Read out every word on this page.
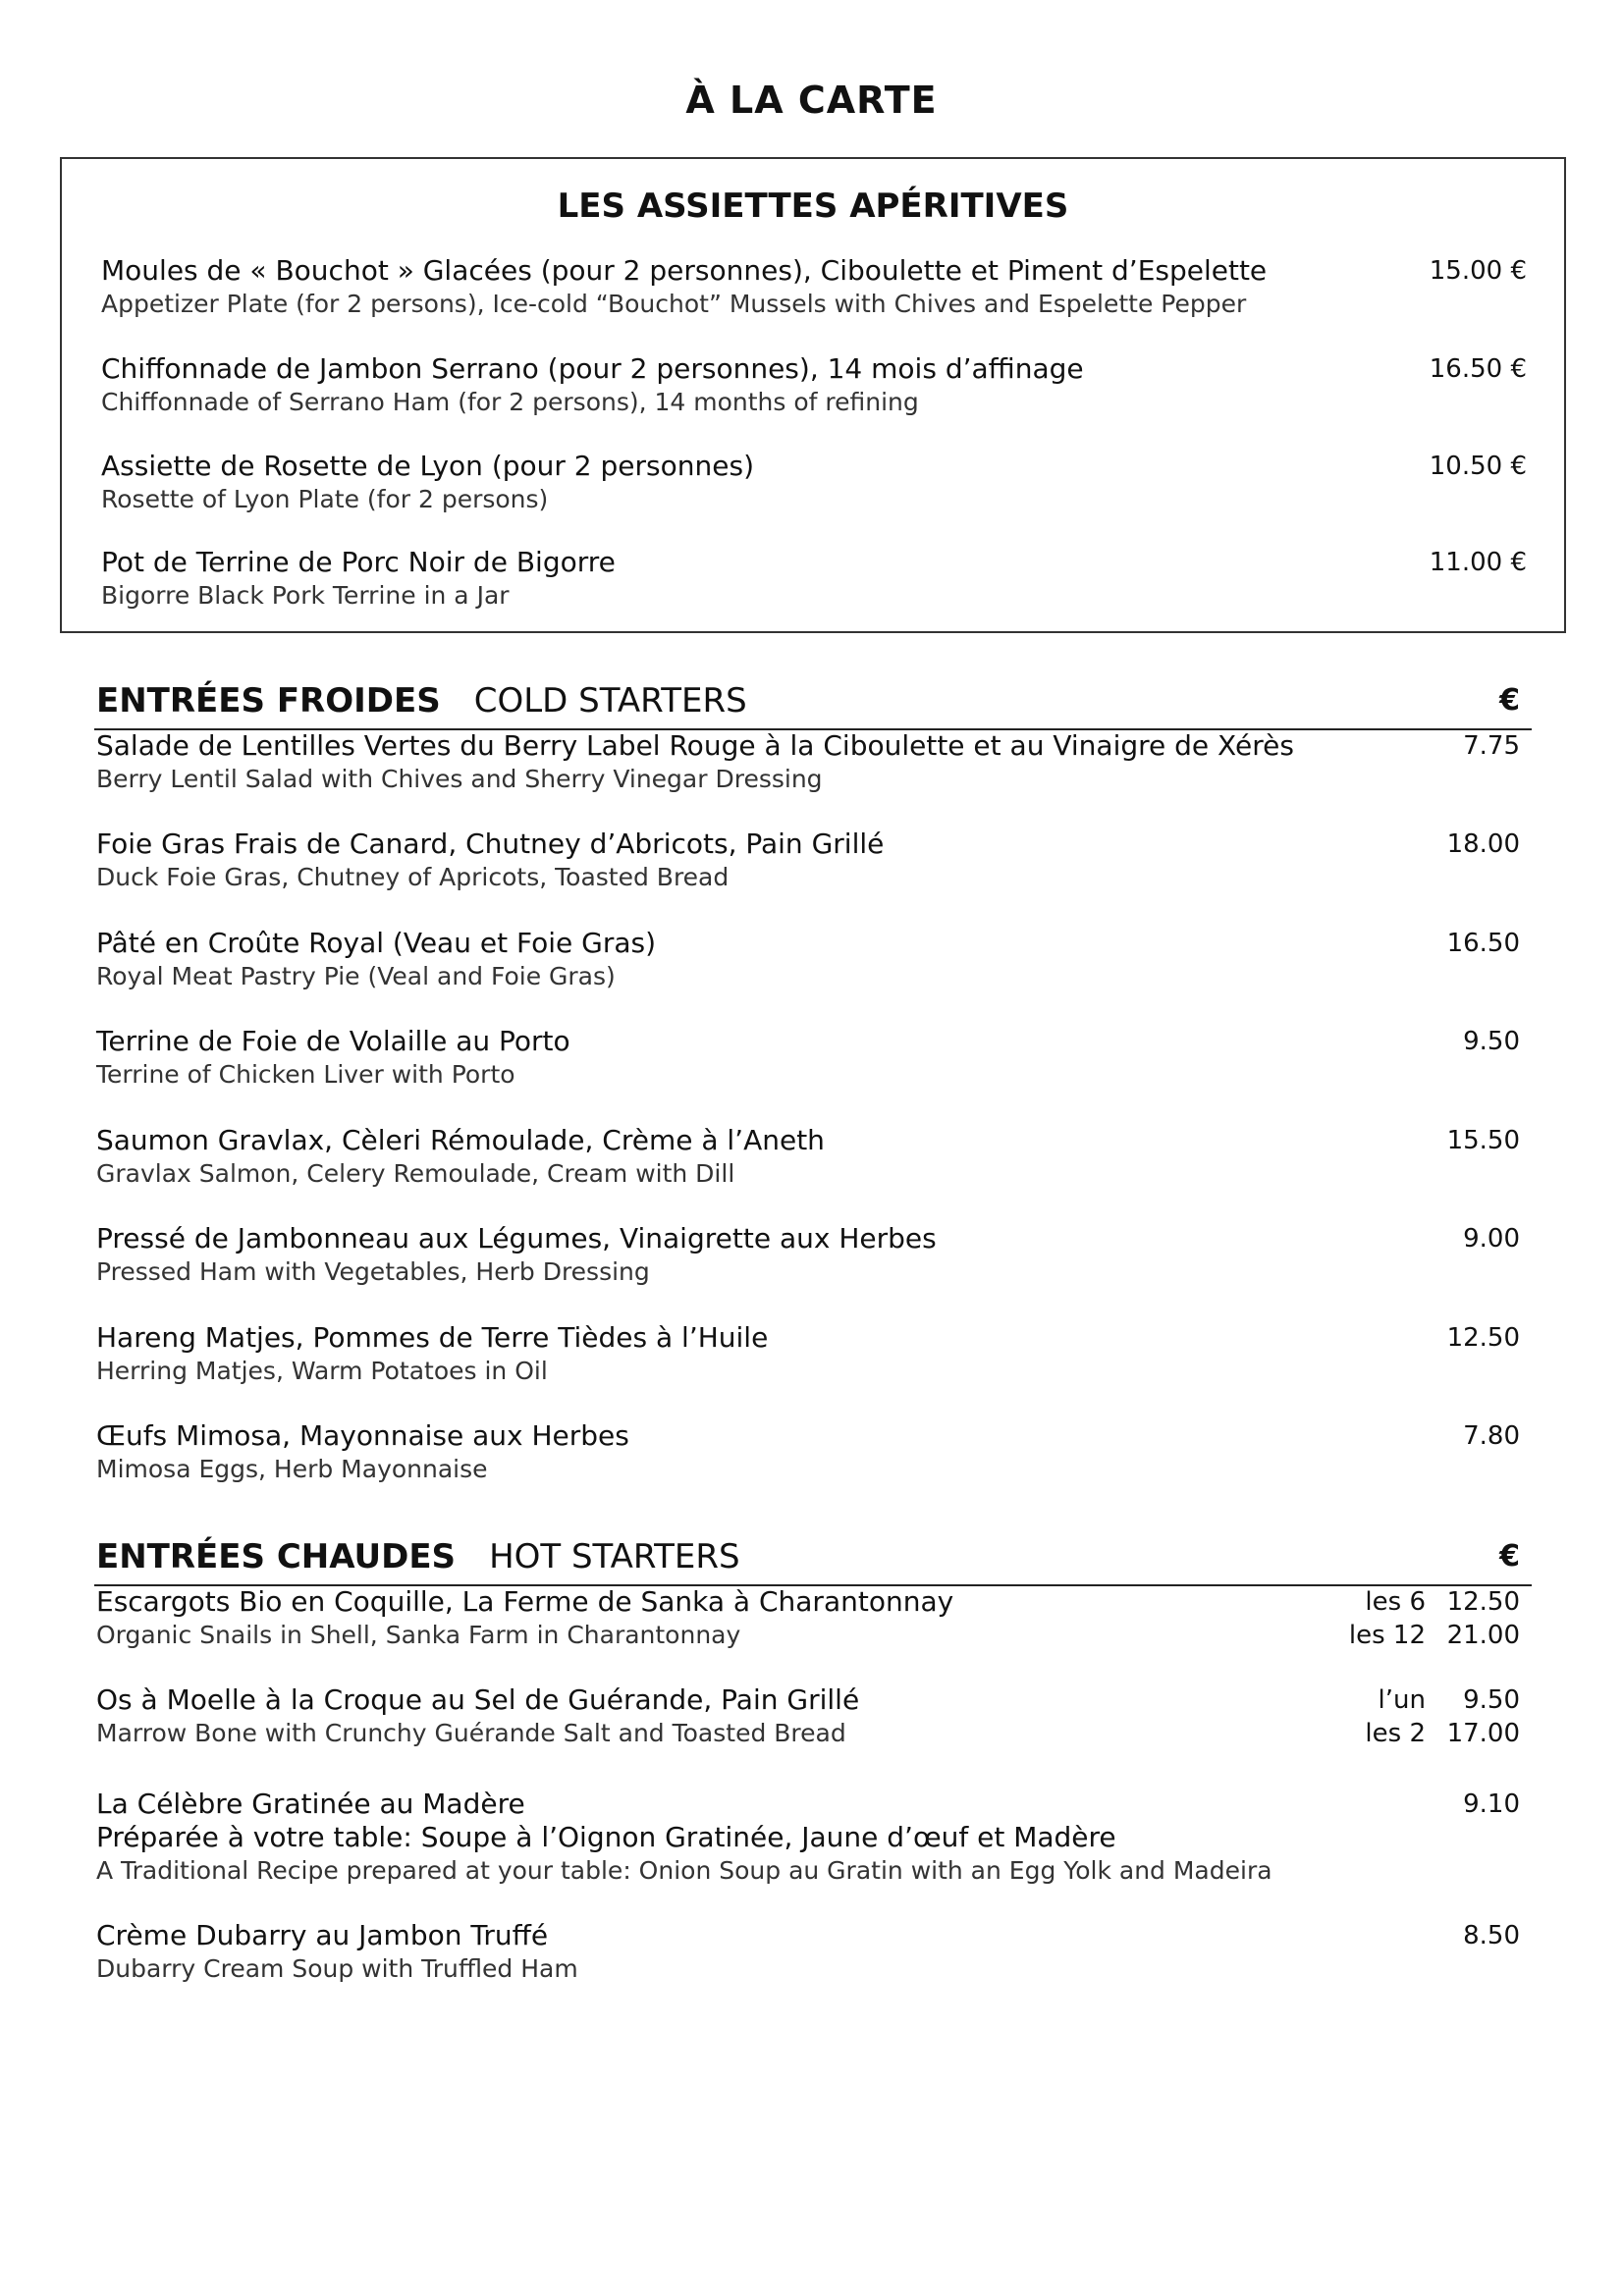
À LA CARTE
LES ASSIETTES APÉRITIVES
Moules de « Bouchot » Glacées (pour 2 personnes), Ciboulette et Piment d’Espelette
Appetizer Plate (for 2 persons), Ice-cold “Bouchot” Mussels with Chives and Espelette Pepper
15.00 €
Chiffonnade de Jambon Serrano (pour 2 personnes), 14 mois d’affinage
Chiffonnade of Serrano Ham (for 2 persons), 14 months of refining
16.50 €
Assiette de Rosette de Lyon (pour 2 personnes)
Rosette of Lyon Plate (for 2 persons)
10.50 €
Pot de Terrine de Porc Noir de Bigorre
Bigorre Black Pork Terrine in a Jar
11.00 €
ENTRÉES FROIDES COLD STARTERS	€
Salade de Lentilles Vertes du Berry Label Rouge à la Ciboulette et au Vinaigre de Xérès
Berry Lentil Salad with Chives and Sherry Vinegar Dressing
7.75
Foie Gras Frais de Canard, Chutney d’Abricots, Pain Grillé
Duck Foie Gras, Chutney of Apricots, Toasted Bread
18.00
Pâté en Croûte Royal (Veau et Foie Gras)
Royal Meat Pastry Pie (Veal and Foie Gras)
16.50
Terrine de Foie de Volaille au Porto
Terrine of Chicken Liver with Porto
9.50
Saumon Gravlax, Cèleri Rémoulade, Crème à l’Aneth
Gravlax Salmon, Celery Remoulade, Cream with Dill
15.50
Pressé de Jambonneau aux Légumes, Vinaigrette aux Herbes
Pressed Ham with Vegetables, Herb Dressing
9.00
Hareng Matjes, Pommes de Terre Tièdes à l’Huile
Herring Matjes, Warm Potatoes in Oil
12.50
Œufs Mimosa, Mayonnaise aux Herbes
Mimosa Eggs, Herb Mayonnaise
7.80
ENTRÉES CHAUDES HOT STARTERS	€
Escargots Bio en Coquille, La Ferme de Sanka à Charantonnay
Organic Snails in Shell, Sanka Farm in Charantonnay
les 6 12.50
les 12 21.00
Os à Moelle à la Croque au Sel de Guérande, Pain Grillé
Marrow Bone with Crunchy Guérande Salt and Toasted Bread
l’un	9.50
les 2 17.00
La Célèbre Gratinée au Madère
Préparée à votre table: Soupe à l’Oignon Gratinée, Jaune d’œuf et Madère
A Traditional Recipe prepared at your table: Onion Soup au Gratin with an Egg Yolk and Madeira
9.10
Crème Dubarry au Jambon Truffé
Dubarry Cream Soup with Truffled Ham
8.50
